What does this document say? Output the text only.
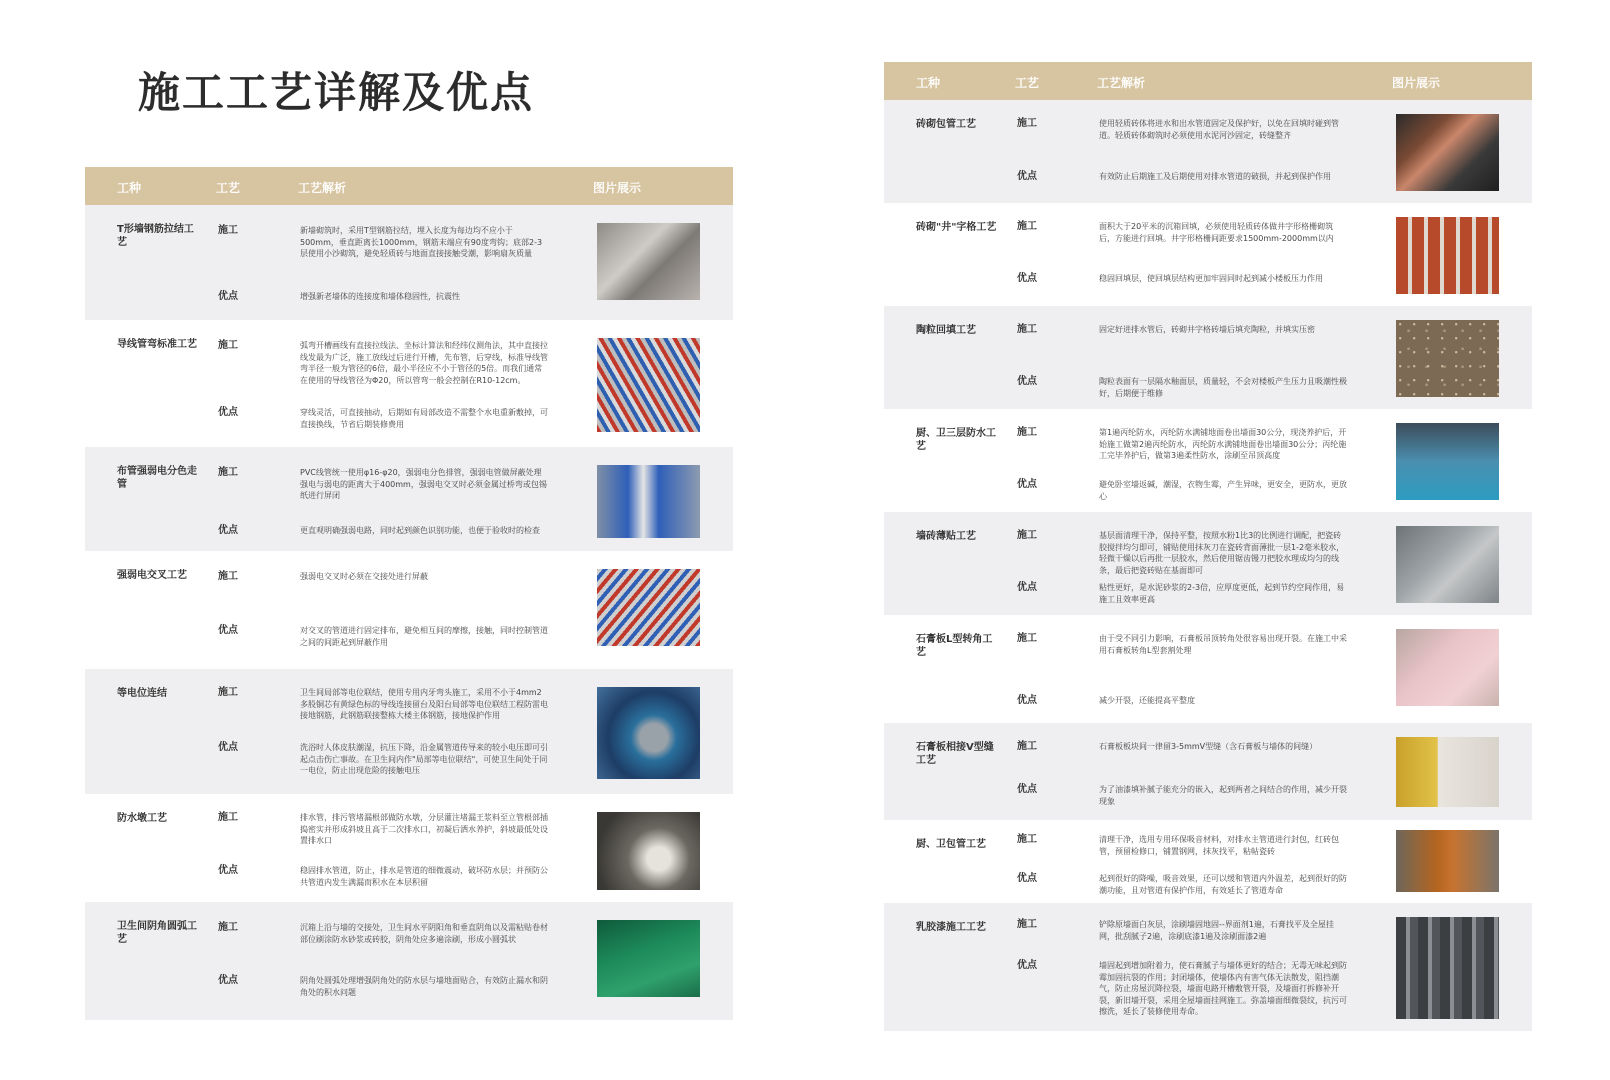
施工工艺详解及优点
工种	工艺	工艺解析	图片展示
T形墙钢筋拉结工艺
施工	新墙砌筑时，采用T型钢筋拉结，埋入长度为每边均不应小于500mm，垂直距离长1000mm，钢筋末端应有90度弯钩；底部2-3层使用小沙砌筑，避免轻质砖与地面直接接触受潮，影响扇灰质量
优点	增强新老墙体的连接度和墙体稳固性，抗震性
导线管弯标准工艺 施工	弧弯开槽画线有直接拉线法、坐标计算法和经纬仪测角法，其中直接拉线发最为广泛，施工放线过后进行开槽，先布管，后穿线，标准导线管弯半径一般为管径的6倍，最小半径应不小于管径的5倍。而我们通常在使用的导线管径为Φ20，所以管弯一般会控制在R10-12cm。
优点	穿线灵活，可直接抽动，后期如有局部改造不需整个水电重新敷掉，可直接换线，节省后期装修费用
布管强弱电分色走管
施工	PVC线管统一使用φ16-φ20，强弱电分色排管，强弱电管做屏蔽处理强电与弱电的距离大于400mm，强弱电交叉时必须金属过桥弯或包锡纸进行屏闭
优点	更直观明确强弱电路，同时起到颜色识别功能，也便于验收时的检查
强弱电交叉工艺	施工	强弱电交叉时必须在交接处进行屏蔽
优点	对交叉的管道进行固定排布，避免相互间的摩擦，接触，同时控制管道之间的间距起到屏蔽作用
等电位连结	施工	卫生间局部等电位联结，使用专用内牙弯头施工，采用不小于4mm2多股铜芯有黄绿色标的导线连接留台及阳台局部等电位联结工程防雷电接地钢筋，此钢筋联接整栋大楼主体钢筋，接地保护作用
优点	洗浴时人体皮肤潮湿，抗压下降，沿金属管道传导来的较小电压即可引起点击伤亡事故。在卫生间内作"局部等电位联结"，可使卫生间处于同一电位，防止出现危险的接触电压
防水墩工艺	施工	排水管，排污管堵漏根部做防水墩，分层灌注堵漏王浆料至立管根部插捣密实并形成斜坡且高于二次排水口，初凝后洒水养护，斜坡最低处设置排水口
优点	稳固排水管道，防止，排水是管道的细微震动，破坏防水层；并预防公共管道内发生满漏而积水在本层积留
卫生间阴角圆弧工艺
施工	沉箱上沿与墙的交接处，卫生间水平阴阳角和垂直阴角以及需粘贴卷材部位刷涂防水砂浆或砖胶，阴角处应多遍涂刷，形成小圆弧状
优点	阴角处圆弧处理增强阴角处的防水层与墙地面贴合，有效防止漏水和阴角处的积水问题
工种	工艺	工艺解析	图片展示
砖砌包管工艺	施工	使用轻质砖体将进水和出水管道固定及保护好，以免在回填时碰到管道。轻质砖体砌筑时必须使用水泥河沙固定，砖缝整齐
优点	有效防止后期施工及后期使用对排水管道的破损，并起到保护作用
砖砌"井"字格工艺 施工	面积大于20平米的沉箱回填，必须使用轻质砖体做井字形格栅砌筑后，方能进行回填。井字形格栅间距要求1500mm-2000mm以内
优点	稳固回填层，使回填层结构更加牢固同时起到减小楼板压力作用
陶粒回填工艺	施工	固定好进排水管后，砖砌井字格砖墙后填充陶粒，并填实压密
优点	陶粒表面有一层隔水釉面层，质量轻，不会对楼板产生压力且吸潮性极好，后期便于维修
厨、卫三层防水工艺
施工	第1遍丙纶防水，丙纶防水满铺地面卷出墙面30公分，现浇养护后，开始施工做第2遍丙纶防水，丙纶防水满铺地面卷出墙面30公分；丙纶施工完毕养护后，做第3遍柔性防水，涂刷至吊顶高度
优点	避免卧室墙返碱，潮湿，衣物生霉，产生异味，更安全，更防水，更放心
墙砖薄贴工艺	施工	基层面清理干净，保持平整，按照水粉1比3的比例进行调配，把瓷砖胶搅拌均匀即可，铺贴使用抹灰刀在瓷砖背面薄批一层1-2毫米胶水，轻微干燥以后再批一层胶水，然后使用锯齿镘刀把胶水理成均匀的线条，最后把瓷砖贴在基面即可
优点	粘性更好，是水泥砂浆的2-3倍，应厚度更低，起到节约空间作用，易施工且效率更高
石膏板L型转角工艺
施工	由于受不同引力影响，石膏板吊顶转角处很容易出现开裂。在施工中采用石膏板转角L型套割处理
优点	减少开裂，还能提高平整度
石膏板相接V型缝工艺
施工	石膏板板块间一律留3-5mmV型缝（含石膏板与墙体的间缝）
优点	为了油漆填补腻子能充分的嵌入，起到两者之间结合的作用，减少开裂现象
厨、卫包管工艺	施工	清理干净，选用专用环保吸音材料，对排水主管道进行封包，红砖包管，预留检修口，铺置钢网，抹灰找平，粘帖瓷砖
优点	起到很好的降噪，吸音效果，还可以缓和管道内外温差，起到很好的防潮功能，且对管道有保护作用，有效延长了管道寿命
乳胶漆施工工艺	施工	铲除原墙面白灰层，涂刷墙固地固--界面剂1遍，石膏找平及全屋挂网，批刮腻子2遍，涂刷底漆1遍及涂刷面漆2遍
优点	墙固起到增加附着力，使石膏腻子与墙体更好的结合；无毒无味起到防霉加固抗裂的作用；封闭墙体，使墙体内有害气体无法散发，阻挡潮气，防止房屋沉降拉裂，墙面电路开槽敷管开裂，及墙面打拆修补开裂，新旧墙开裂，采用全屋墙面挂网施工。弥盖墙面细微裂纹，抗污可擦洗，延长了装修使用寿命。
